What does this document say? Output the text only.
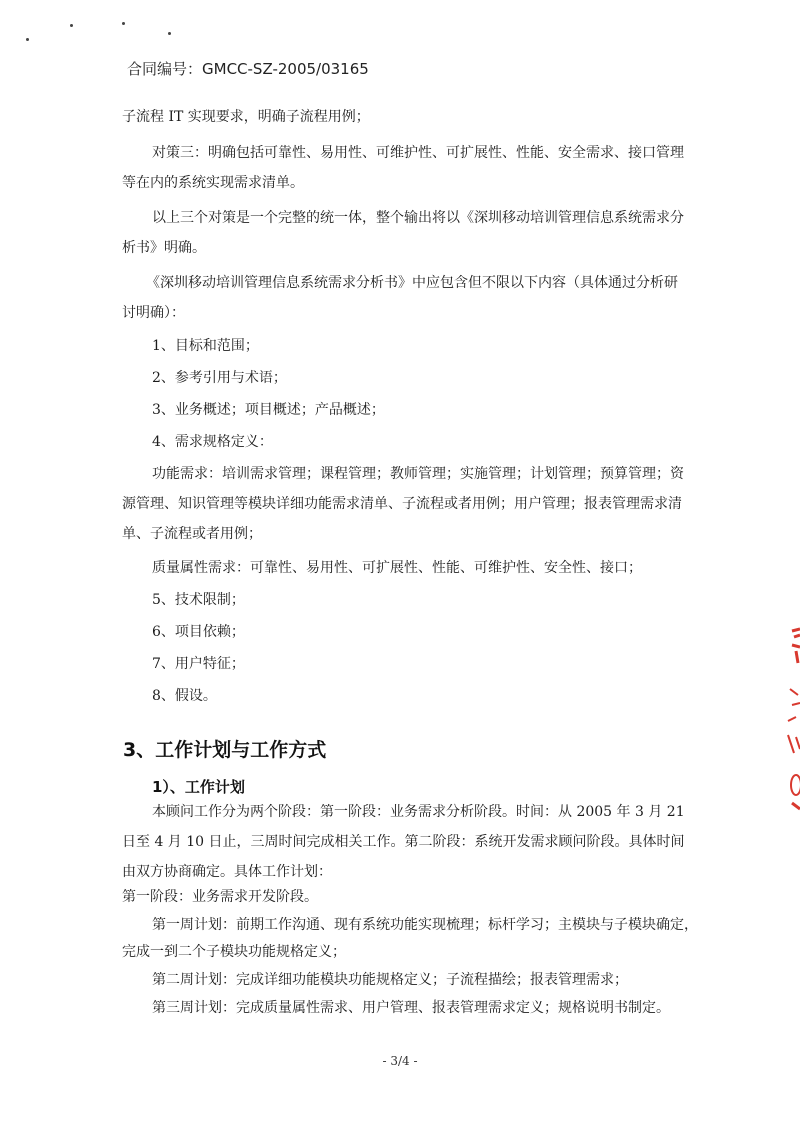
合同编号：GMCC-SZ-2005/03165
子流程 IT 实现要求，明确子流程用例；
对策三：明确包括可靠性、易用性、可维护性、可扩展性、性能、安全需求、接口管理
等在内的系统实现需求清单。
以上三个对策是一个完整的统一体，整个输出将以《深圳移动培训管理信息系统需求分
析书》明确。
《深圳移动培训管理信息系统需求分析书》中应包含但不限以下内容（具体通过分析研
讨明确）：
1、目标和范围；
2、参考引用与术语；
3、业务概述；项目概述；产品概述；
4、需求规格定义：
功能需求：培训需求管理；课程管理；教师管理；实施管理；计划管理；预算管理；资
源管理、知识管理等模块详细功能需求清单、子流程或者用例；用户管理；报表管理需求清
单、子流程或者用例；
质量属性需求：可靠性、易用性、可扩展性、性能、可维护性、安全性、接口；
5、技术限制；
6、项目依赖；
7、用户特征；
8、假设。
3、工作计划与工作方式
1）、工作计划
本顾问工作分为两个阶段：第一阶段：业务需求分析阶段。时间：从 2005 年 3 月 21
日至 4 月 10 日止，三周时间完成相关工作。第二阶段：系统开发需求顾问阶段。具体时间
由双方协商确定。具体工作计划：
第一阶段：业务需求开发阶段。
第一周计划：前期工作沟通、现有系统功能实现梳理；标杆学习；主模块与子模块确定，
完成一到二个子模块功能规格定义；
第二周计划：完成详细功能模块功能规格定义；子流程描绘；报表管理需求；
第三周计划：完成质量属性需求、用户管理、报表管理需求定义；规格说明书制定。
- 3/4 -
